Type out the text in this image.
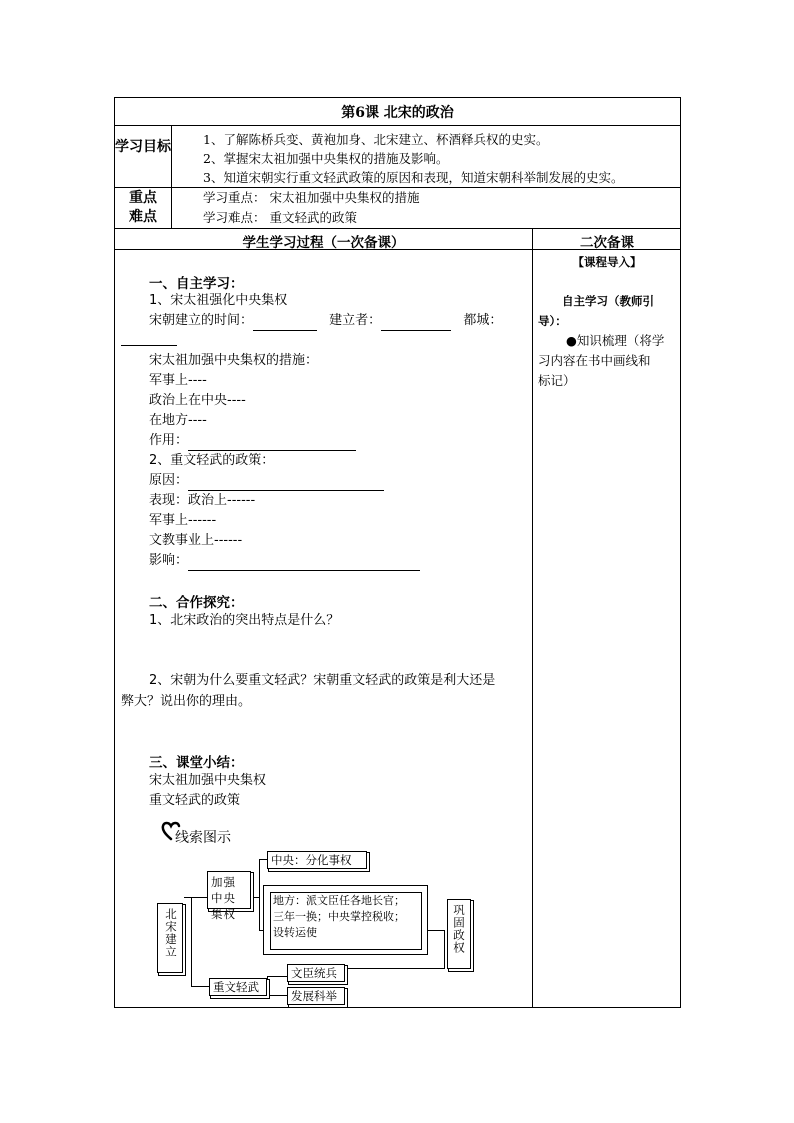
第6课 北宋的政治
学习目标	1、了解陈桥兵变、黄袍加身、北宋建立、杯酒释兵权的史实。
2、掌握宋太祖加强中央集权的措施及影响。
3、知道宋朝实行重文轻武政策的原因和表现，知道宋朝科举制发展的史实。
重点
难点
学习重点： 宋太祖加强中央集权的措施
学习难点： 重文轻武的政策
学生学习过程（一次备课）	二次备课
一、自主学习：
1、宋太祖强化中央集权
宋朝建立的时间：	建立者：	都城：
宋太祖加强中央集权的措施：
军事上----
政治上在中央----
在地方----
作用：
2、重文轻武的政策：
原因：
表现：政治上------
军事上------
文教事业上------
影响：
二、合作探究：
1、北宋政治的突出特点是什么？
2、宋朝为什么要重文轻武？宋朝重文轻武的政策是利大还是
弊大？说出你的理由。
三、课堂小结：
宋太祖加强中央集权
重文轻武的政策
线索图示
北宋建立
加强中央集权
中央：分化事权
地方：派文臣任各地长官；
三年一换；中央掌控税收；
设转运使	巩固政权
重文轻武
文臣统兵
发展科举
【课程导入】
自主学习（教师引
导）：
●知识梳理（将学
习内容在书中画线和
标记）
